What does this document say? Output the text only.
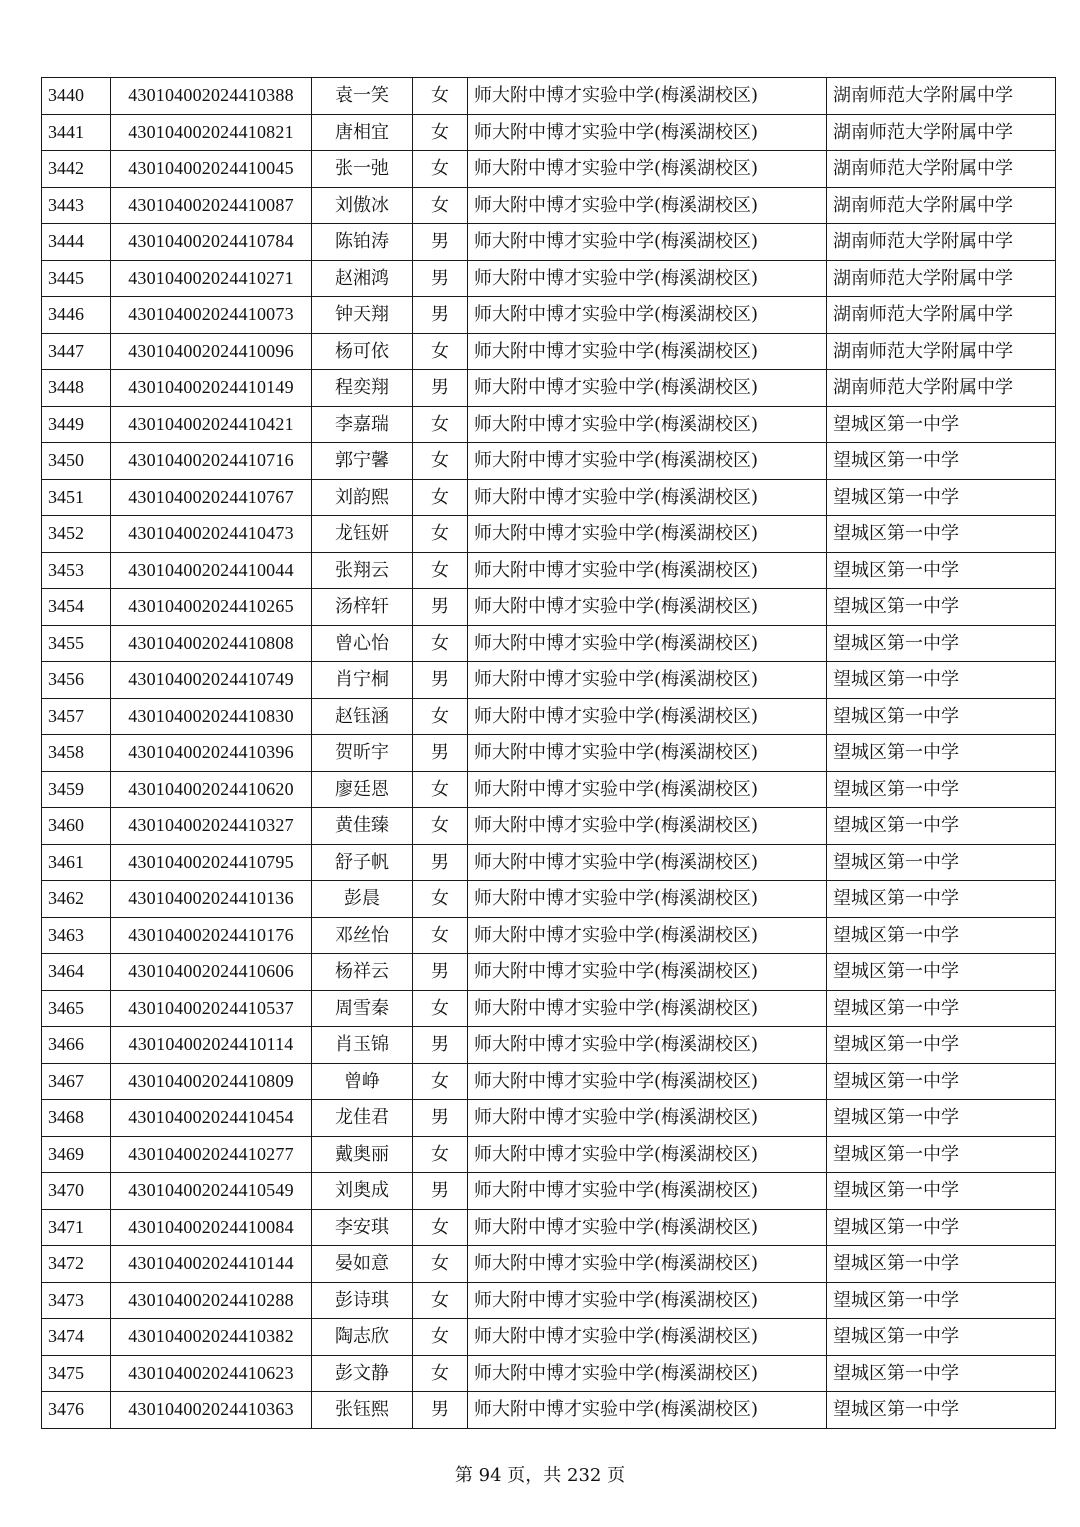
3440	430104002024410388	袁一笑	女	师大附中博才实验中学(梅溪湖校区)	湖南师范大学附属中学
3441	430104002024410821	唐相宜	女	师大附中博才实验中学(梅溪湖校区)	湖南师范大学附属中学
3442	430104002024410045	张一弛	女	师大附中博才实验中学(梅溪湖校区)	湖南师范大学附属中学
3443	430104002024410087	刘傲冰	女	师大附中博才实验中学(梅溪湖校区)	湖南师范大学附属中学
3444	430104002024410784	陈铂涛	男	师大附中博才实验中学(梅溪湖校区)	湖南师范大学附属中学
3445	430104002024410271	赵湘鸿	男	师大附中博才实验中学(梅溪湖校区)	湖南师范大学附属中学
3446	430104002024410073	钟天翔	男	师大附中博才实验中学(梅溪湖校区)	湖南师范大学附属中学
3447	430104002024410096	杨可依	女	师大附中博才实验中学(梅溪湖校区)	湖南师范大学附属中学
3448	430104002024410149	程奕翔	男	师大附中博才实验中学(梅溪湖校区)	湖南师范大学附属中学
3449	430104002024410421	李嘉瑞	女	师大附中博才实验中学(梅溪湖校区)	望城区第一中学
3450	430104002024410716	郭宁馨	女	师大附中博才实验中学(梅溪湖校区)	望城区第一中学
3451	430104002024410767	刘韵熙	女	师大附中博才实验中学(梅溪湖校区)	望城区第一中学
3452	430104002024410473	龙钰妍	女	师大附中博才实验中学(梅溪湖校区)	望城区第一中学
3453	430104002024410044	张翔云	女	师大附中博才实验中学(梅溪湖校区)	望城区第一中学
3454	430104002024410265	汤梓轩	男	师大附中博才实验中学(梅溪湖校区)	望城区第一中学
3455	430104002024410808	曾心怡	女	师大附中博才实验中学(梅溪湖校区)	望城区第一中学
3456	430104002024410749	肖宁桐	男	师大附中博才实验中学(梅溪湖校区)	望城区第一中学
3457	430104002024410830	赵钰涵	女	师大附中博才实验中学(梅溪湖校区)	望城区第一中学
3458	430104002024410396	贺昕宇	男	师大附中博才实验中学(梅溪湖校区)	望城区第一中学
3459	430104002024410620	廖廷恩	女	师大附中博才实验中学(梅溪湖校区)	望城区第一中学
3460	430104002024410327	黄佳臻	女	师大附中博才实验中学(梅溪湖校区)	望城区第一中学
3461	430104002024410795	舒子帆	男	师大附中博才实验中学(梅溪湖校区)	望城区第一中学
3462	430104002024410136	彭晨	女	师大附中博才实验中学(梅溪湖校区)	望城区第一中学
3463	430104002024410176	邓丝怡	女	师大附中博才实验中学(梅溪湖校区)	望城区第一中学
3464	430104002024410606	杨祥云	男	师大附中博才实验中学(梅溪湖校区)	望城区第一中学
3465	430104002024410537	周雪秦	女	师大附中博才实验中学(梅溪湖校区)	望城区第一中学
3466	430104002024410114	肖玉锦	男	师大附中博才实验中学(梅溪湖校区)	望城区第一中学
3467	430104002024410809	曾峥	女	师大附中博才实验中学(梅溪湖校区)	望城区第一中学
3468	430104002024410454	龙佳君	男	师大附中博才实验中学(梅溪湖校区)	望城区第一中学
3469	430104002024410277	戴奥丽	女	师大附中博才实验中学(梅溪湖校区)	望城区第一中学
3470	430104002024410549	刘奥成	男	师大附中博才实验中学(梅溪湖校区)	望城区第一中学
3471	430104002024410084	李安琪	女	师大附中博才实验中学(梅溪湖校区)	望城区第一中学
3472	430104002024410144	晏如意	女	师大附中博才实验中学(梅溪湖校区)	望城区第一中学
3473	430104002024410288	彭诗琪	女	师大附中博才实验中学(梅溪湖校区)	望城区第一中学
3474	430104002024410382	陶志欣	女	师大附中博才实验中学(梅溪湖校区)	望城区第一中学
3475	430104002024410623	彭文静	女	师大附中博才实验中学(梅溪湖校区)	望城区第一中学
3476	430104002024410363	张钰熙	男	师大附中博才实验中学(梅溪湖校区)	望城区第一中学
第 94 页，共 232 页
